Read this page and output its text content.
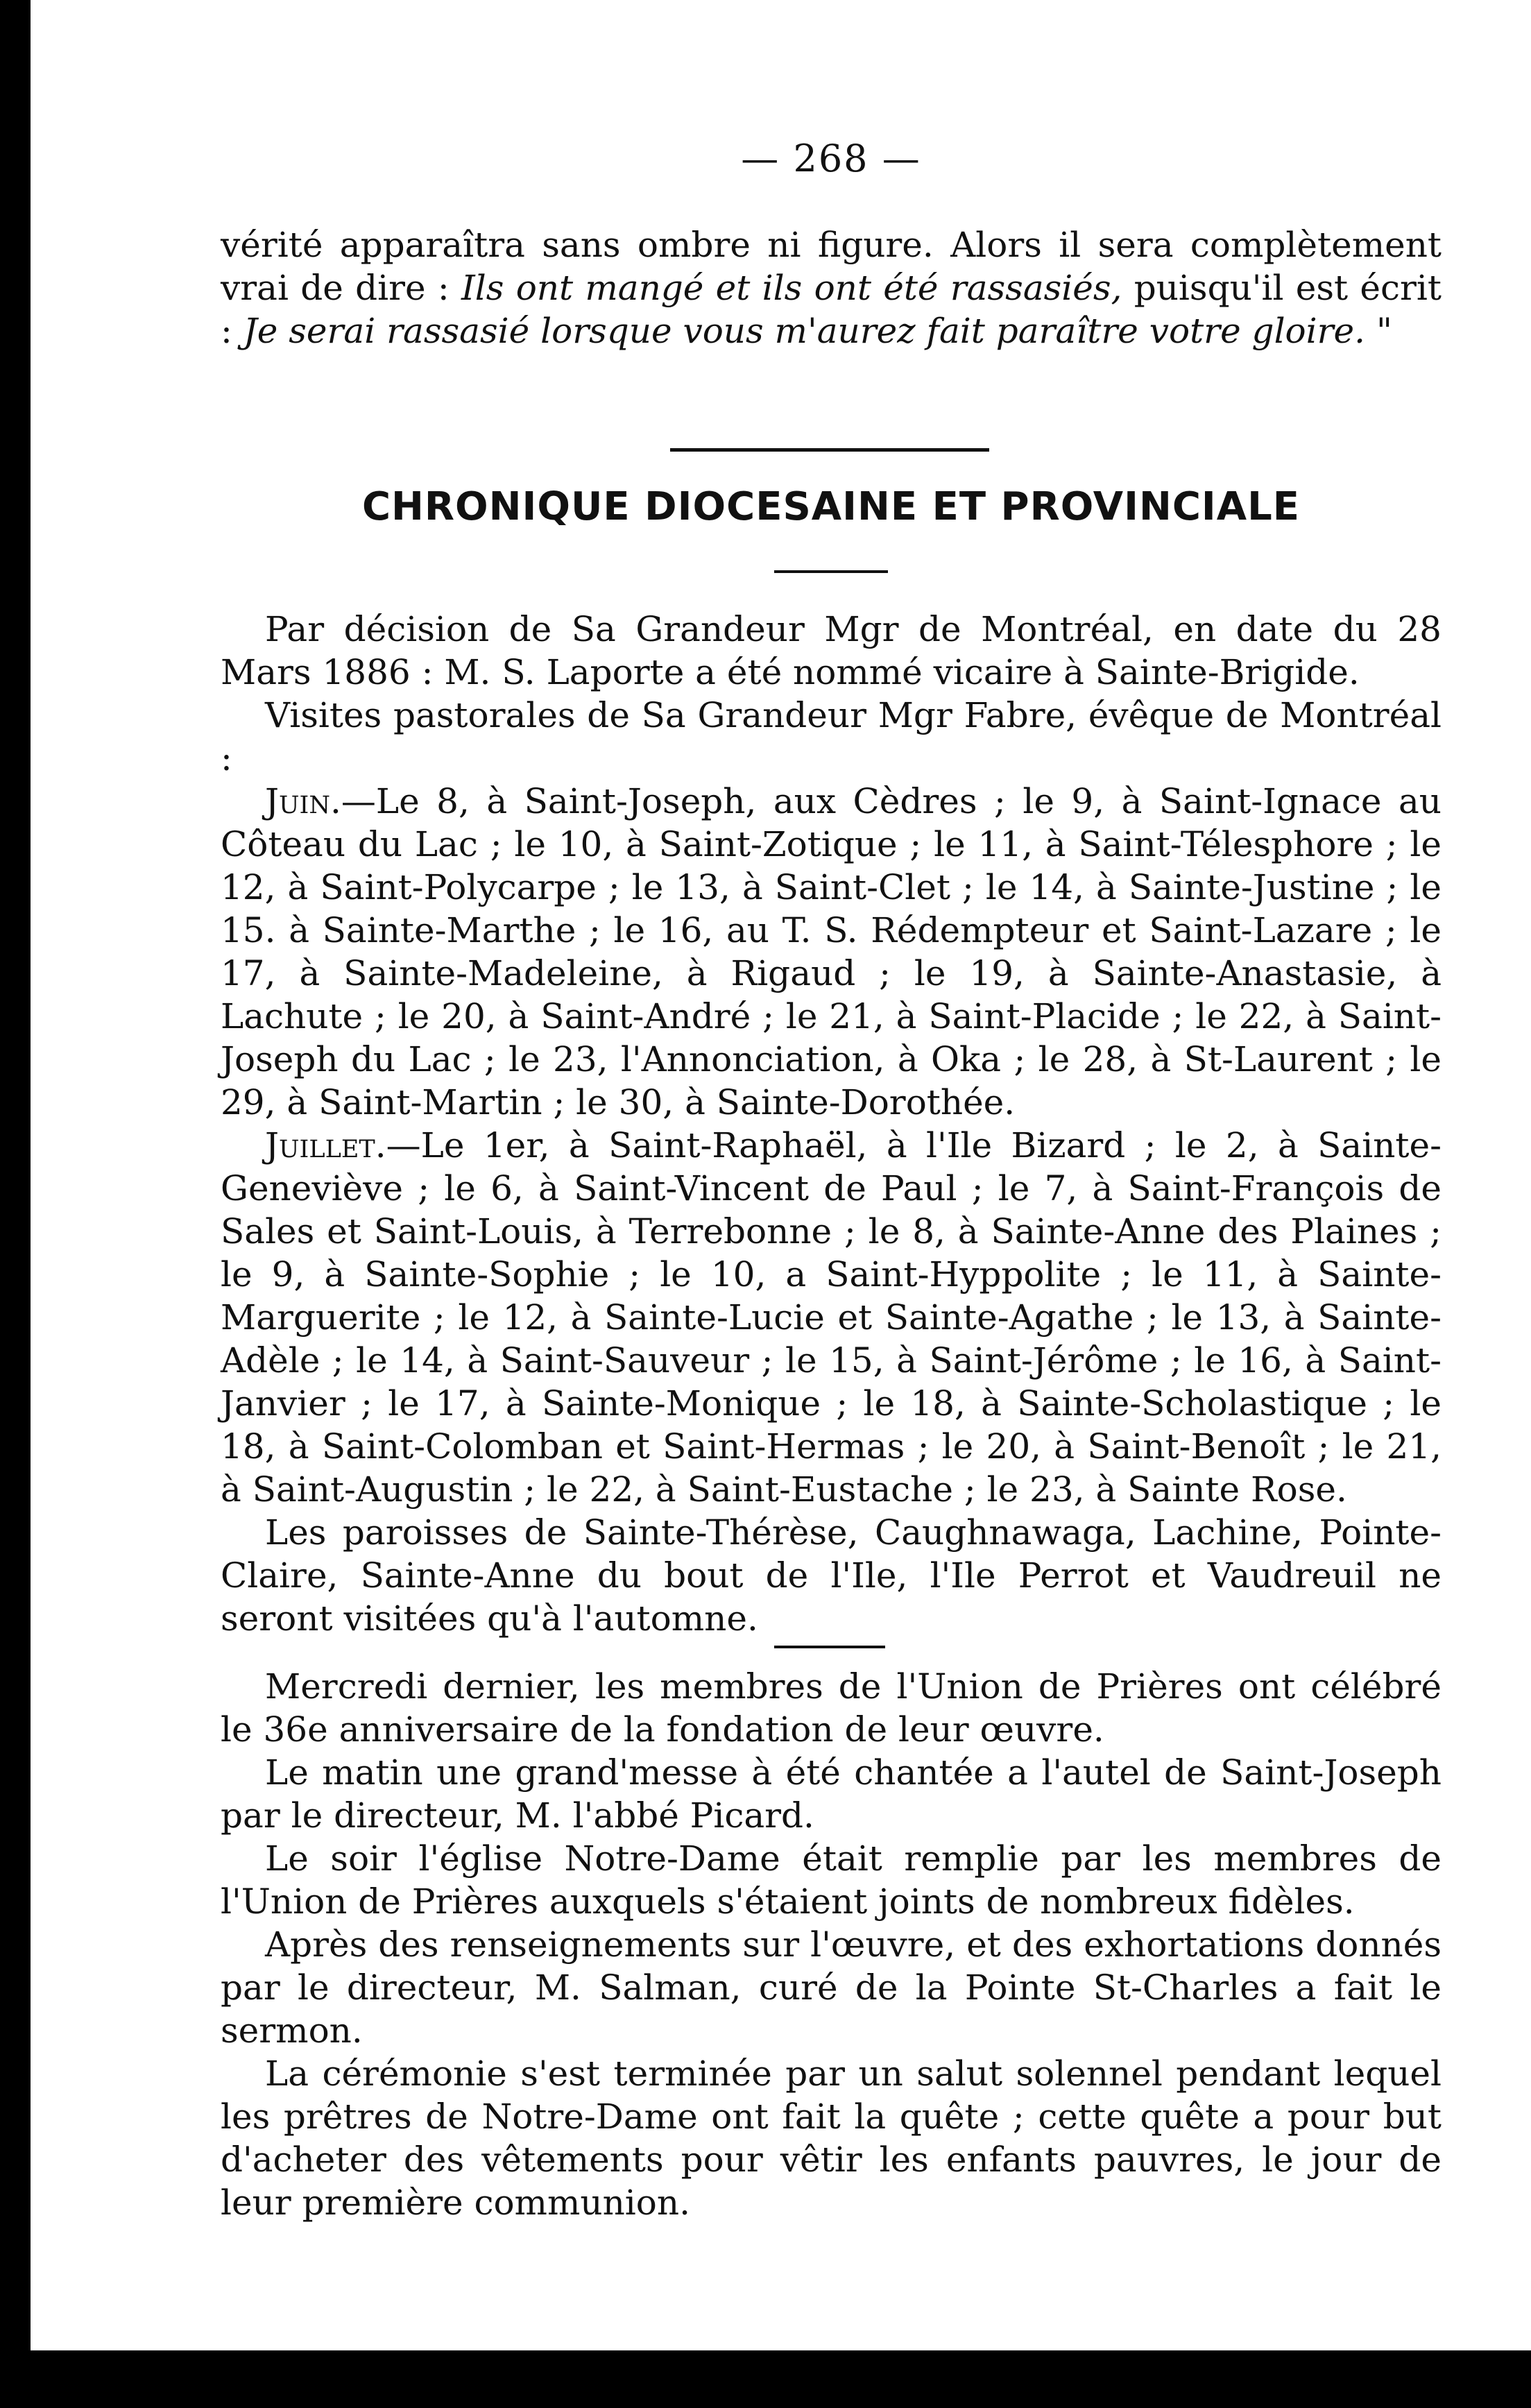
— 268 —

vérité apparaîtra sans ombre ni figure. Alors il sera complètement vrai de dire : Ils ont mangé et ils ont été rassasiés, puisqu'il est écrit : Je serai rassasié lorsque vous m'aurez fait paraître votre gloire. "

CHRONIQUE DIOCESAINE ET PROVINCIALE

Par décision de Sa Grandeur Mgr de Montréal, en date du 28 Mars 1886 : M. S. Laporte a été nommé vicaire à Sainte-Brigide.

Visites pastorales de Sa Grandeur Mgr Fabre, évêque de Montréal :

Juin.—Le 8, à Saint-Joseph, aux Cèdres ; le 9, à Saint-Ignace au Côteau du Lac ; le 10, à Saint-Zotique ; le 11, à Saint-Télesphore ; le 12, à Saint-Polycarpe ; le 13, à Saint-Clet ; le 14, à Sainte-Justine ; le 15. à Sainte-Marthe ; le 16, au T. S. Rédempteur et Saint-Lazare ; le 17, à Sainte-Madeleine, à Rigaud ; le 19, à Sainte-Anastasie, à Lachute ; le 20, à Saint-André ; le 21, à Saint-Placide ; le 22, à Saint-Joseph du Lac ; le 23, l'Annonciation, à Oka ; le 28, à St-Laurent ; le 29, à Saint-Martin ; le 30, à Sainte-Dorothée.

Juillet.—Le 1er, à Saint-Raphaël, à l'Ile Bizard ; le 2, à Sainte-Geneviève ; le 6, à Saint-Vincent de Paul ; le 7, à Saint-François de Sales et Saint-Louis, à Terrebonne ; le 8, à Sainte-Anne des Plaines ; le 9, à Sainte-Sophie ; le 10, a Saint-Hyppolite ; le 11, à Sainte-Marguerite ; le 12, à Sainte-Lucie et Sainte-Agathe ; le 13, à Sainte-Adèle ; le 14, à Saint-Sauveur ; le 15, à Saint-Jérôme ; le 16, à Saint-Janvier ; le 17, à Sainte-Monique ; le 18, à Sainte-Scholastique ; le 18, à Saint-Colomban et Saint-Hermas ; le 20, à Saint-Benoît ; le 21, à Saint-Augustin ; le 22, à Saint-Eustache ; le 23, à Sainte Rose.

Les paroisses de Sainte-Thérèse, Caughnawaga, Lachine, Pointe-Claire, Sainte-Anne du bout de l'Ile, l'Ile Perrot et Vaudreuil ne seront visitées qu'à l'automne.

Mercredi dernier, les membres de l'Union de Prières ont célébré le 36e anniversaire de la fondation de leur œuvre.

Le matin une grand'messe à été chantée a l'autel de Saint-Joseph par le directeur, M. l'abbé Picard.

Le soir l'église Notre-Dame était remplie par les membres de l'Union de Prières auxquels s'étaient joints de nombreux fidèles.

Après des renseignements sur l'œuvre, et des exhortations donnés par le directeur, M. Salman, curé de la Pointe St-Charles a fait le sermon.

La cérémonie s'est terminée par un salut solennel pendant lequel les prêtres de Notre-Dame ont fait la quête ; cette quête a pour but d'acheter des vêtements pour vêtir les enfants pauvres, le jour de leur première communion.
